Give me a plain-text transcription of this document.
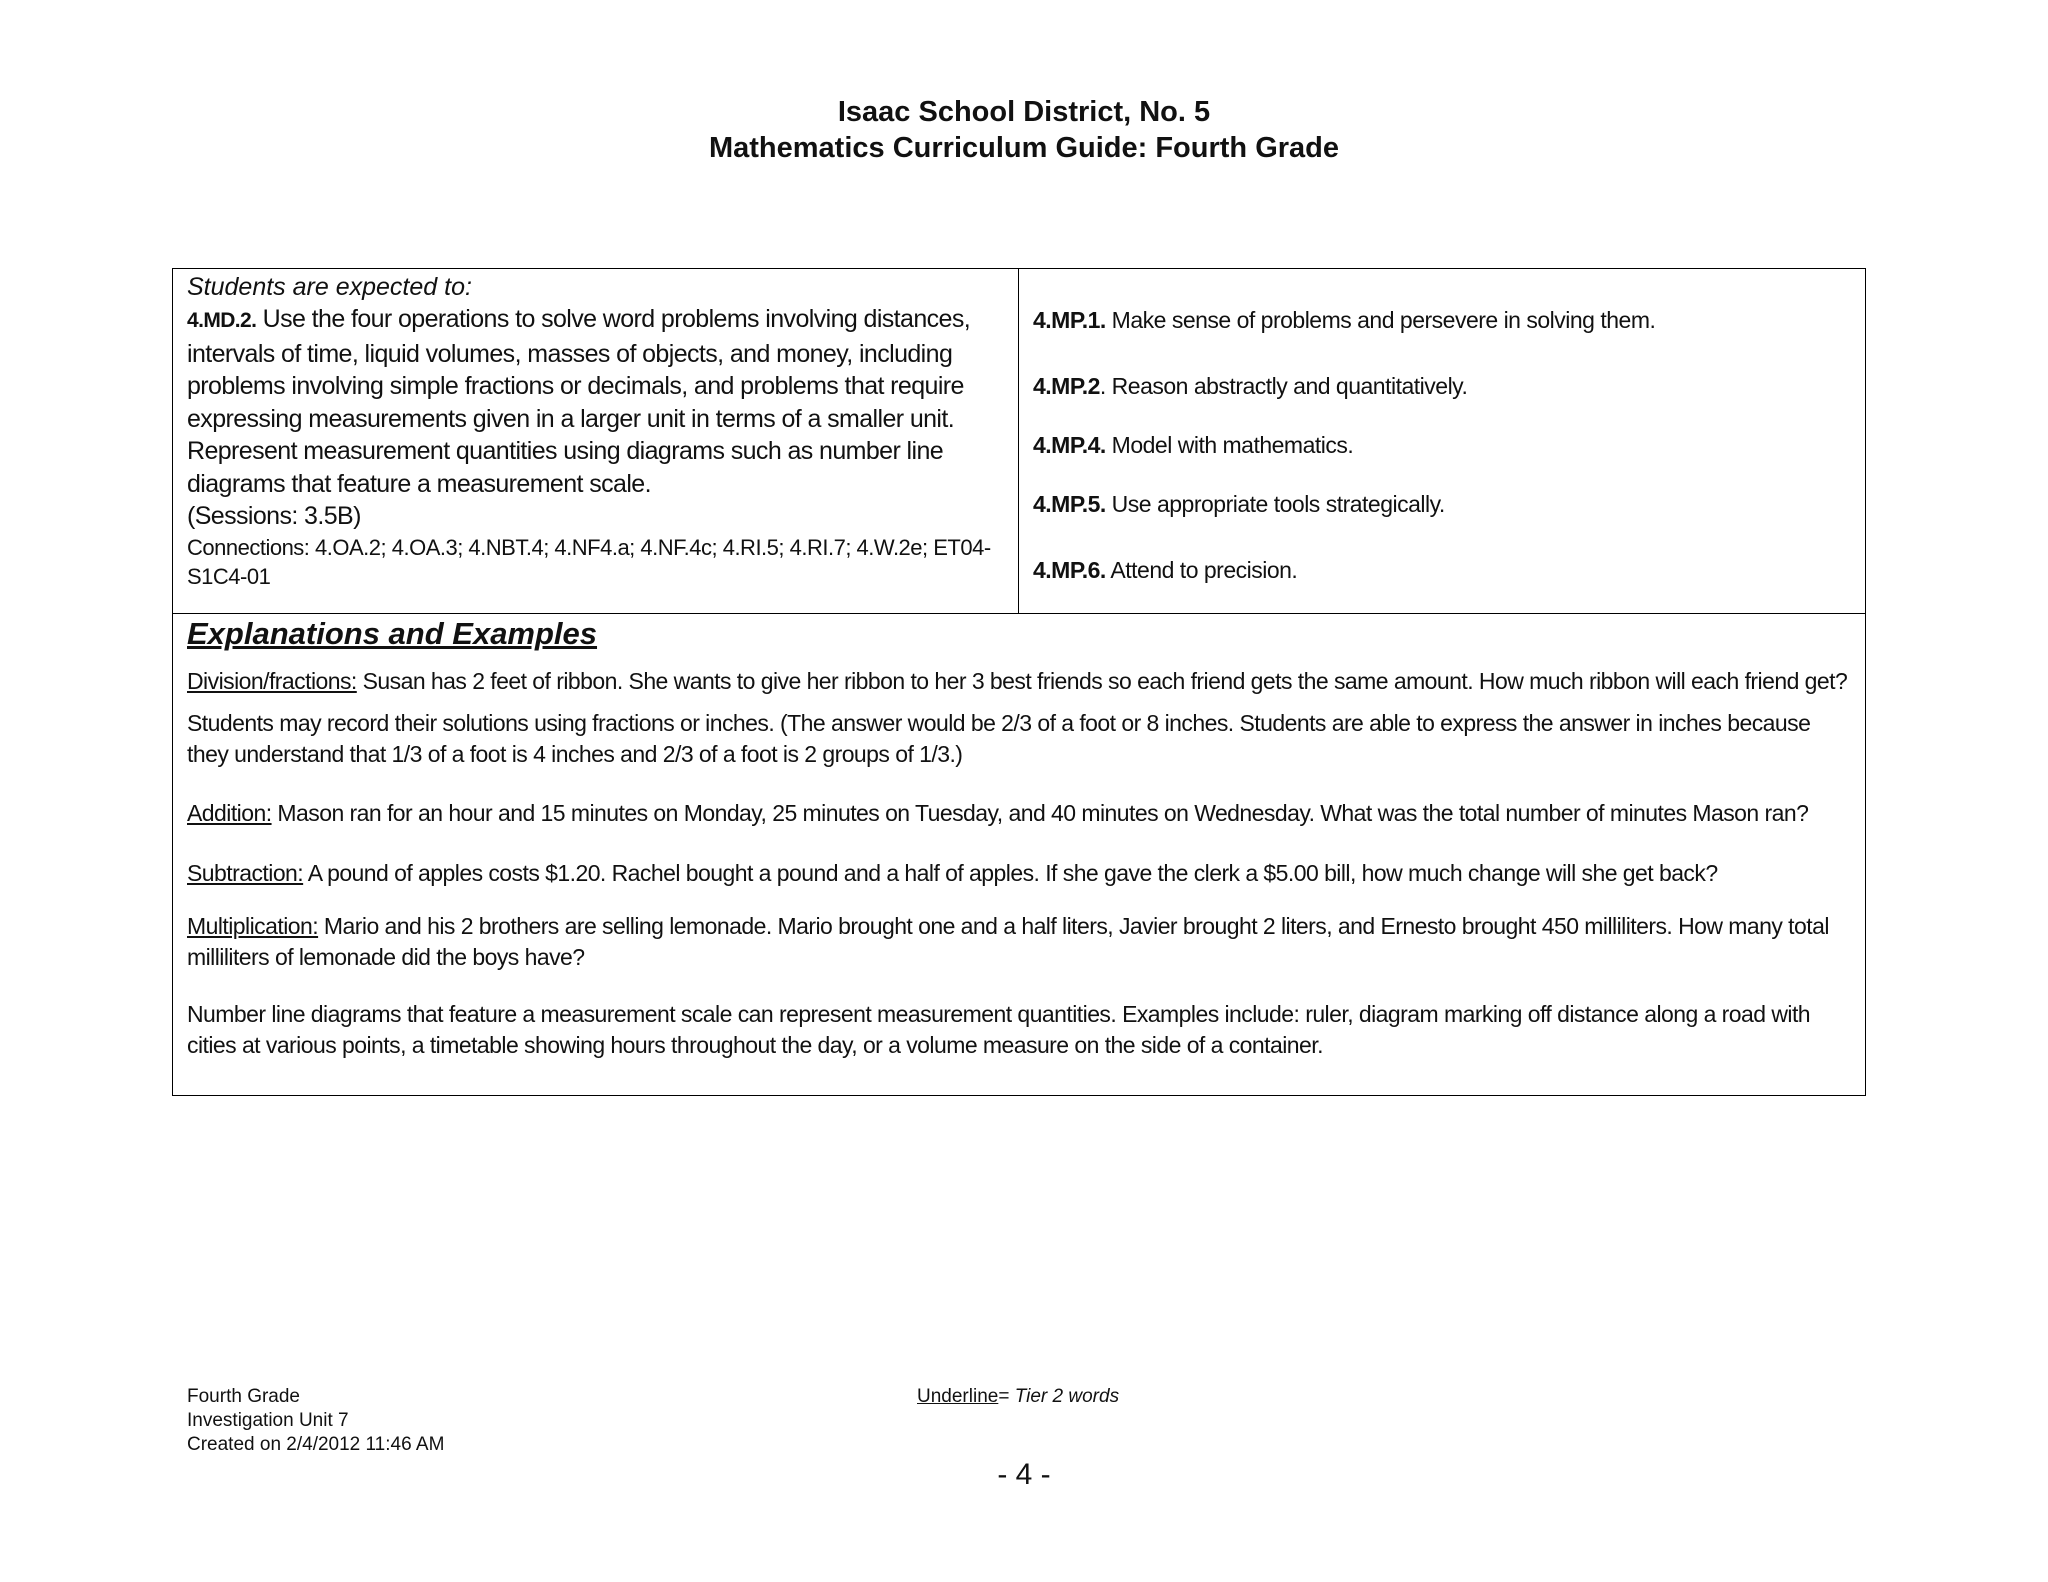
Isaac School District, No. 5
Mathematics Curriculum Guide: Fourth Grade
Students are expected to:
4.MD.2. Use the four operations to solve word problems involving distances, intervals of time, liquid volumes, masses of objects, and money, including problems involving simple fractions or decimals, and problems that require expressing measurements given in a larger unit in terms of a smaller unit. Represent measurement quantities using diagrams such as number line diagrams that feature a measurement scale.
(Sessions: 3.5B)
Connections: 4.OA.2; 4.OA.3; 4.NBT.4; 4.NF4.a; 4.NF.4c; 4.RI.5; 4.RI.7; 4.W.2e; ET04-S1C4-01
4.MP.1. Make sense of problems and persevere in solving them.
4.MP.2. Reason abstractly and quantitatively.
4.MP.4. Model with mathematics.
4.MP.5. Use appropriate tools strategically.
4.MP.6. Attend to precision.
Explanations and Examples
Division/fractions: Susan has 2 feet of ribbon. She wants to give her ribbon to her 3 best friends so each friend gets the same amount. How much ribbon will each friend get?
Students may record their solutions using fractions or inches. (The answer would be 2/3 of a foot or 8 inches. Students are able to express the answer in inches because they understand that 1/3 of a foot is 4 inches and 2/3 of a foot is 2 groups of 1/3.)
Addition: Mason ran for an hour and 15 minutes on Monday, 25 minutes on Tuesday, and 40 minutes on Wednesday. What was the total number of minutes Mason ran?
Subtraction: A pound of apples costs $1.20. Rachel bought a pound and a half of apples. If she gave the clerk a $5.00 bill, how much change will she get back?
Multiplication: Mario and his 2 brothers are selling lemonade. Mario brought one and a half liters, Javier brought 2 liters, and Ernesto brought 450 milliliters. How many total milliliters of lemonade did the boys have?
Number line diagrams that feature a measurement scale can represent measurement quantities. Examples include: ruler, diagram marking off distance along a road with cities at various points, a timetable showing hours throughout the day, or a volume measure on the side of a container.
Fourth Grade
Investigation Unit 7
Created on 2/4/2012 11:46 AM
Underline= Tier 2 words
- 4 -
